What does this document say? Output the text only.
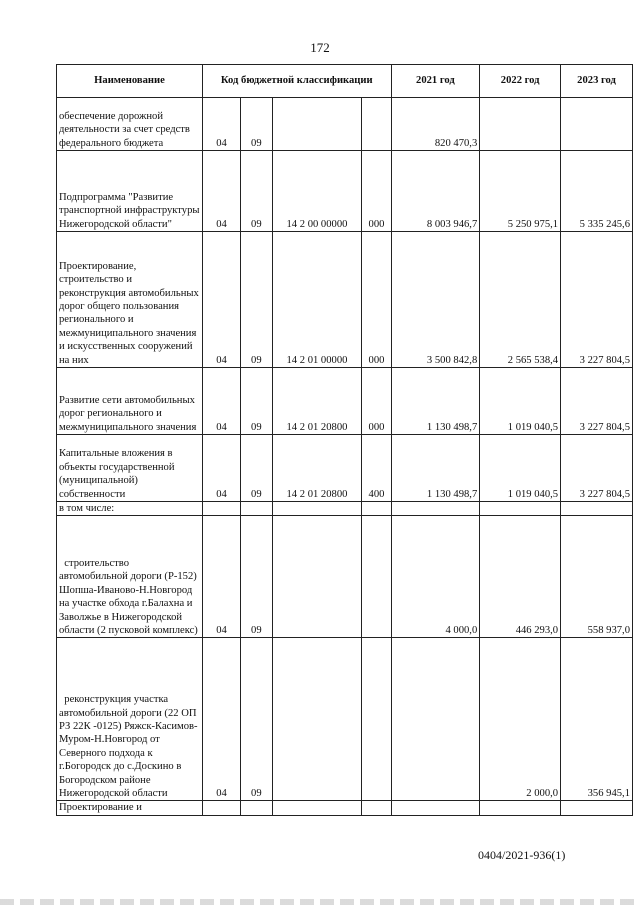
172
Наименование	Код бюджетной классификации				2021 год	2022 год	2023 год
обеспечение дорожной деятельности за счет средств федерального бюджета	04	09			820 470,3		
Подпрограмма "Развитие транспортной инфраструктуры Нижегородской области"	04	09	14 2 00 00000	000	8 003 946,7	5 250 975,1	5 335 245,6
Проектирование, строительство и реконструкция автомобильных дорог общего пользования регионального и межмуниципального значения и искусственных сооружений на них	04	09	14 2 01 00000	000	3 500 842,8	2 565 538,4	3 227 804,5
Развитие сети автомобильных дорог регионального и межмуниципального значения	04	09	14 2 01 20800	000	1 130 498,7	1 019 040,5	3 227 804,5
Капитальные вложения в объекты государственной (муниципальной) собственности	04	09	14 2 01 20800	400	1 130 498,7	1 019 040,5	3 227 804,5
в том числе:							
строительство автомобильной дороги (Р-152) Шопша-Иваново-Н.Новгород на участке обхода г.Балахна и Заволжье в Нижегородской области (2 пусковой комплекс)	04	09			4 000,0	446 293,0	558 937,0
реконструкция участка автомобильной дороги (22 ОП РЗ 22К -0125) Ряжск-Касимов-Муром-Н.Новгород от Северного подхода к г.Богородск до с.Доскино в Богородском районе Нижегородской области	04	09				2 000,0	356 945,1
Проектирование и							
0404/2021-936(1)
